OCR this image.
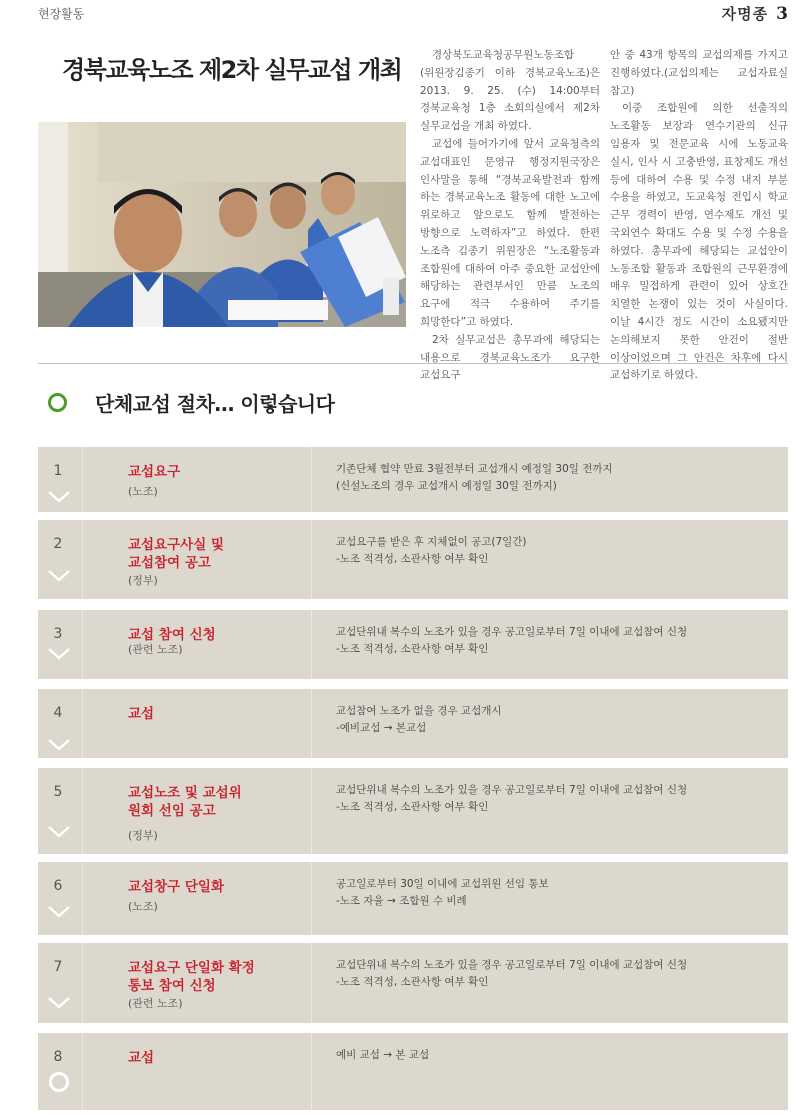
현장활동	자명종 3
경북교육노조 제2차 실무교섭 개최

경상북도교육청공무원노동조합(위원장김종기 이하 경북교육노조)은 2013. 9. 25. (수) 14:00부터 경북교육청 1층 소회의실에서 제2차 실무교섭을 개최 하였다.

교섭에 들어가기에 앞서 교육청측의 교섭대표인 문영규 행정지원국장은 인사말을 통해 “경북교육발전과 함께 하는 경북교육노조 활동에 대한 노고에 위로하고 앞으로도 함께 발전하는 방향으로 노력하자”고 하였다. 한편 노조측 김종기 위원장은 “노조활동과 조합원에 대하여 아주 중요한 교섭안에 해당하는 관련부서인 만큼 노조의 요구에 적극 수용하여 주기를 희망한다”고 하였다.

2차 실무교섭은 총무과에 해당되는 내용으로 경북교육노조가 요구한 교섭요구

안 중 43개 항목의 교섭의제를 가지고 진행하였다.(교섭의제는 교섭자료실 참고)

이중 조합원에 의한 선출직의 노조활동 보장과 연수기관의 신규 임용자 및 전문교육 시에 노동교육 실시, 인사 시 고충반영, 표창제도 개선 등에 대하여 수용 및 수정 내지 부분 수용을 하였고, 도교육청 전입시 학교 근무 경력이 반영, 연수제도 개선 및 국외연수 확대도 수용 및 수정 수용을 하였다. 총무과에 해당되는 교섭안이 노동조합 활동과 조합원의 근무환경에 매우 밀접하게 관련이 있어 상호간 치열한 논쟁이 있는 것이 사실이다. 이날 4시간 정도 시간이 소요됐지만 논의해보지 못한 안건이 절반 이상이었으며 그 안건은 차후에 다시 교섭하기로 하였다.

단체교섭 절차… 이렇습니다
1	교섭요구
(노조)
기존단체 협약 만료 3월전부터 교섭개시 예정일 30일 전까지
(신설노조의 경우 교섭개시 예정일 30일 전까지)
2	교섭요구사실 및
교섭참여 공고
(정부)
교섭요구를 받은 후 지체없이 공고(7일간)
-노조 적격성, 소관사항 여부 확인
3	교섭 참여 신청
(관련 노조)
교섭단위내 복수의 노조가 있을 경우 공고일로부터 7일 이내에 교섭참여 신청
-노조 적격성, 소관사항 여부 확인
4	교섭	교섭참여 노조가 없을 경우 교섭개시
-예비교섭 → 본교섭
5	교섭노조 및 교섭위
원회 선임 공고
(정부)
교섭단위내 복수의 노조가 있을 경우 공고일로부터 7일 이내에 교섭참여 신청
-노조 적격성, 소관사항 여부 확인
6	교섭창구 단일화
(노조)
공고일로부터 30일 이내에 교섭위원 선임 통보
-노조 자율 → 조합원 수 비례
7	교섭요구 단일화 확정
통보 참여 신청
(관련 노조)
교섭단위내 복수의 노조가 있을 경우 공고일로부터 7일 이내에 교섭참여 신청
-노조 적격성, 소관사항 여부 확인
8	교섭	예비 교섭 → 본 교섭
